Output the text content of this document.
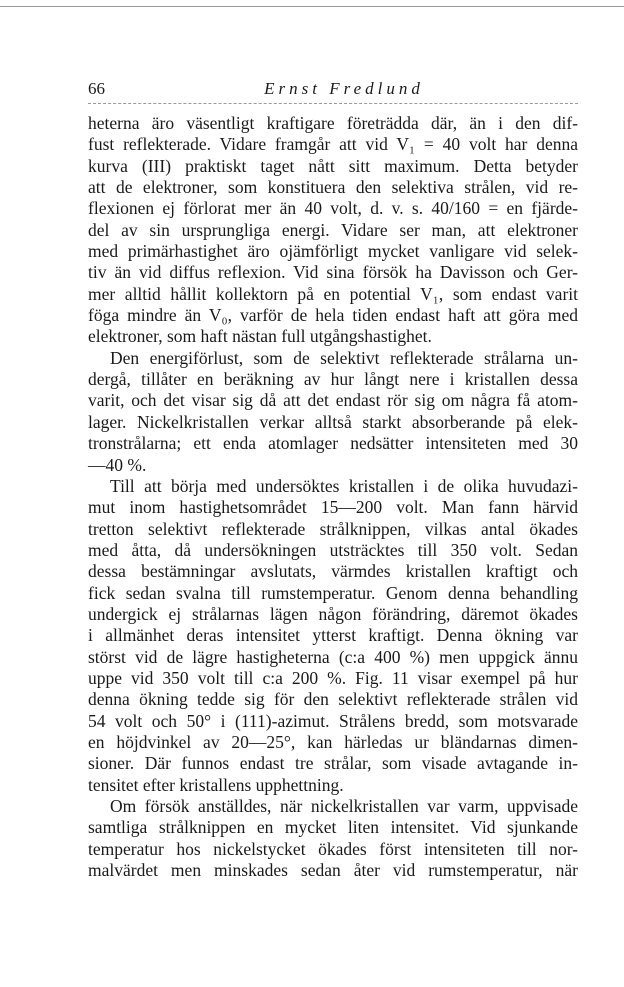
66	Ernst Fredlund
heterna äro väsentligt kraftigare företrädda där, än i den dif-
fust reflekterade. Vidare framgår att vid V₁ = 40 volt har denna
kurva (III) praktiskt taget nått sitt maximum. Detta betyder
att de elektroner, som konstituera den selektiva strålen, vid re-
flexionen ej förlorat mer än 40 volt, d. v. s. 40/160 = en fjärde-
del av sin ursprungliga energi. Vidare ser man, att elektroner
med primärhastighet äro ojämförligt mycket vanligare vid selek-
tiv än vid diffus reflexion. Vid sina försök ha Davisson och Ger-
mer alltid hållit kollektorn på en potential V₁, som endast varit
föga mindre än V₀, varför de hela tiden endast haft att göra med
elektroner, som haft nästan full utgångshastighet.
Den energiförlust, som de selektivt reflekterade strålarna un-
dergå, tillåter en beräkning av hur långt nere i kristallen dessa
varit, och det visar sig då att det endast rör sig om några få atom-
lager. Nickelkristallen verkar alltså starkt absorberande på elek-
tronstrålarna; ett enda atomlager nedsätter intensiteten med 30
—40 %.
Till att börja med undersöktes kristallen i de olika huvudazi-
mut inom hastighetsområdet 15—200 volt. Man fann härvid
tretton selektivt reflekterade strålknippen, vilkas antal ökades
med åtta, då undersökningen utsträcktes till 350 volt. Sedan
dessa bestämningar avslutats, värmdes kristallen kraftigt och
fick sedan svalna till rumstemperatur. Genom denna behandling
undergick ej strålarnas lägen någon förändring, däremot ökades
i allmänhet deras intensitet ytterst kraftigt. Denna ökning var
störst vid de lägre hastigheterna (c:a 400 %) men uppgick ännu
uppe vid 350 volt till c:a 200 %. Fig. 11 visar exempel på hur
denna ökning tedde sig för den selektivt reflekterade strålen vid
54 volt och 50° i (111)-azimut. Strålens bredd, som motsvarade
en höjdvinkel av 20—25°, kan härledas ur bländarnas dimen-
sioner. Där funnos endast tre strålar, som visade avtagande in-
tensitet efter kristallens upphettning.
Om försök anställdes, när nickelkristallen var varm, uppvisade
samtliga strålknippen en mycket liten intensitet. Vid sjunkande
temperatur hos nickelstycket ökades först intensiteten till nor-
malvärdet men minskades sedan åter vid rumstemperatur, när
